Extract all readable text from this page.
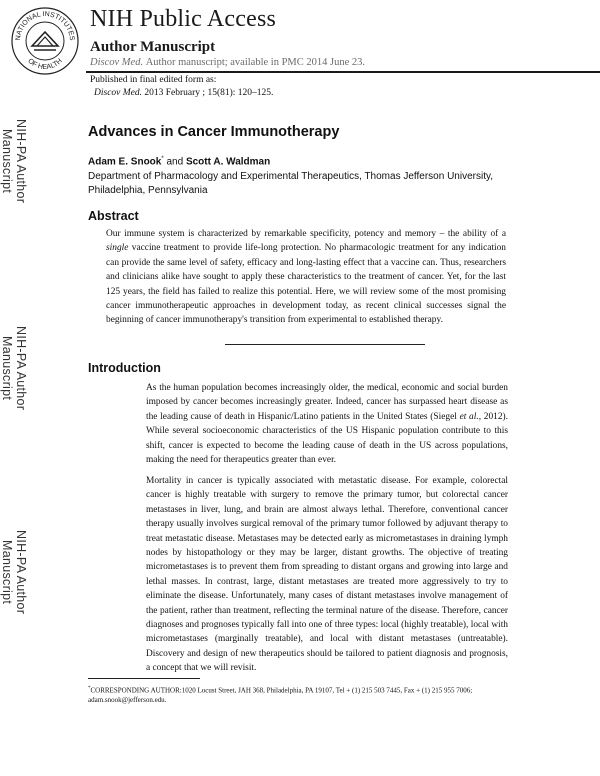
NATIONAL INSTITUTES
OF HEALTH
NIH Public Access
Author Manuscript
Discov Med. Author manuscript; available in PMC 2014 June 23.
Published in final edited form as:
Discov Med. 2013 February ; 15(81): 120–125.
NIH-PA Author Manuscript
NIH-PA Author Manuscript
NIH-PA Author Manuscript
Advances in Cancer Immunotherapy
Adam E. Snook* and Scott A. Waldman
Department of Pharmacology and Experimental Therapeutics, Thomas Jefferson University, Philadelphia, Pennsylvania
Abstract
Our immune system is characterized by remarkable specificity, potency and memory – the ability of a single vaccine treatment to provide life-long protection. No pharmacologic treatment for any indication can provide the same level of safety, efficacy and long-lasting effect that a vaccine can. Thus, researchers and clinicians alike have sought to apply these characteristics to the treatment of cancer. Yet, for the last 125 years, the field has failed to realize this potential. Here, we will review some of the most promising cancer immunotherapeutic approaches in development today, as recent clinical successes signal the beginning of cancer immunotherapy's transition from experimental to established therapy.
Introduction
As the human population becomes increasingly older, the medical, economic and social burden imposed by cancer becomes increasingly greater. Indeed, cancer has surpassed heart disease as the leading cause of death in Hispanic/Latino patients in the United States (Siegel et al., 2012). While several socioeconomic characteristics of the US Hispanic population contribute to this shift, cancer is expected to become the leading cause of death in the US across populations, making the need for therapeutics greater than ever.
Mortality in cancer is typically associated with metastatic disease. For example, colorectal cancer is highly treatable with surgery to remove the primary tumor, but colorectal cancer metastases in liver, lung, and brain are almost always lethal. Therefore, conventional cancer therapy usually involves surgical removal of the primary tumor followed by adjuvant therapy to treat metastatic disease. Metastases may be detected early as micrometastases in draining lymph nodes by histopathology or they may be larger, distant growths. The objective of treating micrometastases is to prevent them from spreading to distant organs and growing into large and lethal masses. In contrast, large, distant metastases are treated more aggressively to try to eliminate the disease. Unfortunately, many cases of distant metastases involve management of the patient, rather than treatment, reflecting the terminal nature of the disease. Therefore, cancer diagnoses and prognoses typically fall into one of three types: local (highly treatable), local with micrometastases (marginally treatable), and local with distant metastases (untreatable). Discovery and design of new therapeutics should be tailored to patient diagnosis and prognosis, a concept that we will revisit.
*CORRESPONDING AUTHOR:1020 Locust Street, JAH 368, Philadelphia, PA 19107, Tel + (1) 215 503 7445, Fax + (1) 215 955 7006; adam.snook@jefferson.edu.
